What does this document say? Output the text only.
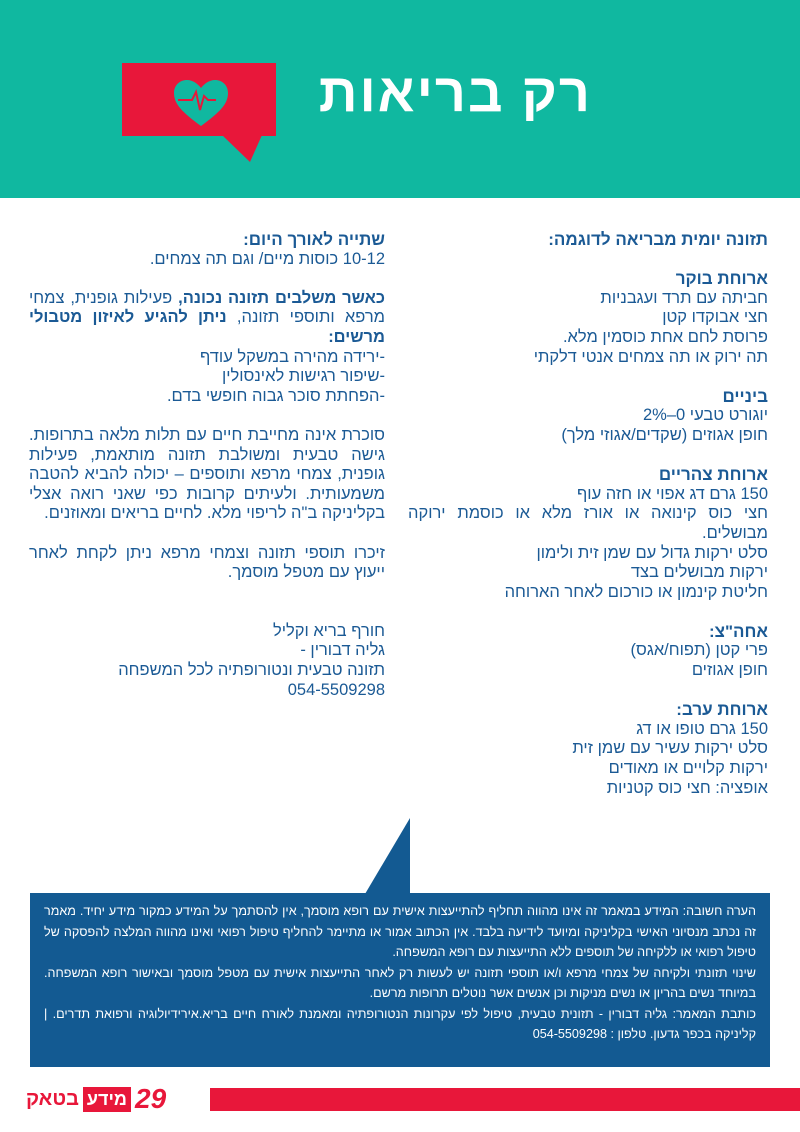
רק בריאות
תזונה יומית מבריאה לדוגמה:
ארוחת בוקר
חביתה עם תרד ועגבניות
חצי אבוקדו קטן
פרוסת לחם אחת כוסמין מלא.
תה ירוק או תה צמחים אנטי דלקתי
ביניים
יוגורט טבעי 0–2%
חופן אגוזים (שקדים/אגוזי מלך)
ארוחת צהריים
150 גרם דג אפוי או חזה עוף
חצי כוס קינואה או אורז מלא או כוסמת ירוקה מבושלים.
סלט ירקות גדול עם שמן זית ולימון
ירקות מבושלים בצד
חליטת קינמון או כורכום לאחר הארוחה
אחה"צ:
פרי קטן (תפוח/אגס)
חופן אגוזים
ארוחת ערב:
150 גרם טופו או דג
סלט ירקות עשיר עם שמן זית
ירקות קלויים או מאודים
אופציה: חצי כוס קטניות
שתייה לאורך היום:
10-12 כוסות מיים/ וגם תה צמחים.
כאשר משלבים תזונה נכונה, פעילות גופנית, צמחי מרפא ותוספי תזונה, ניתן להגיע לאיזון מטבולי מרשים:
-ירידה מהירה במשקל עודף
-שיפור רגישות לאינסולין
-הפחתת סוכר גבוה חופשי בדם.
סוכרת אינה מחייבת חיים עם תלות מלאה בתרופות. גישה טבעית ומשולבת תזונה מותאמת, פעילות גופנית, צמחי מרפא ותוספים – יכולה להביא להטבה משמעותית. ולעיתים קרובות כפי שאני רואה אצלי בקליניקה ב"ה לריפוי מלא. לחיים בריאים ומאוזנים.
זיכרו תוספי תזונה וצמחי מרפא ניתן לקחת לאחר ייעוץ עם מטפל מוסמך.
חורף בריא וקליל
גליה דבורין -
תזונה טבעית ונטורופתיה לכל המשפחה
054-5509298
הערה חשובה: המידע במאמר זה אינו מהווה תחליף להתייעצות אישית עם רופא מוסמך, אין להסתמך על המידע כמקור מידע יחיד. מאמר זה נכתב מנסיוני האישי בקליניקה ומיועד לידיעה בלבד. אין הכתוב אמור או מתיימר להחליף טיפול רפואי ואינו מהווה המלצה להפסקה של טיפול רפואי או ללקיחה של תוספים ללא התייעצות עם רופא המשפחה.
שינוי תזונתי ולקיחה של צמחי מרפא ו/או תוספי תזונה יש לעשות רק לאחר התייעצות אישית עם מטפל מוסמך ובאישור רופא המשפחה. במיוחד נשים בהריון או נשים מניקות וכן אנשים אשר נוטלים תרופות מרשם.
כותבת המאמר: גליה דבורין - תזונית טבעית, טיפול לפי עקרונות הנטורופתיה ומאמנת לאורח חיים בריא.אירידיולוגיה ורפואת תדרים. | קליניקה בכפר גדעון. טלפון : 054-5509298
בטאק מידע 29
